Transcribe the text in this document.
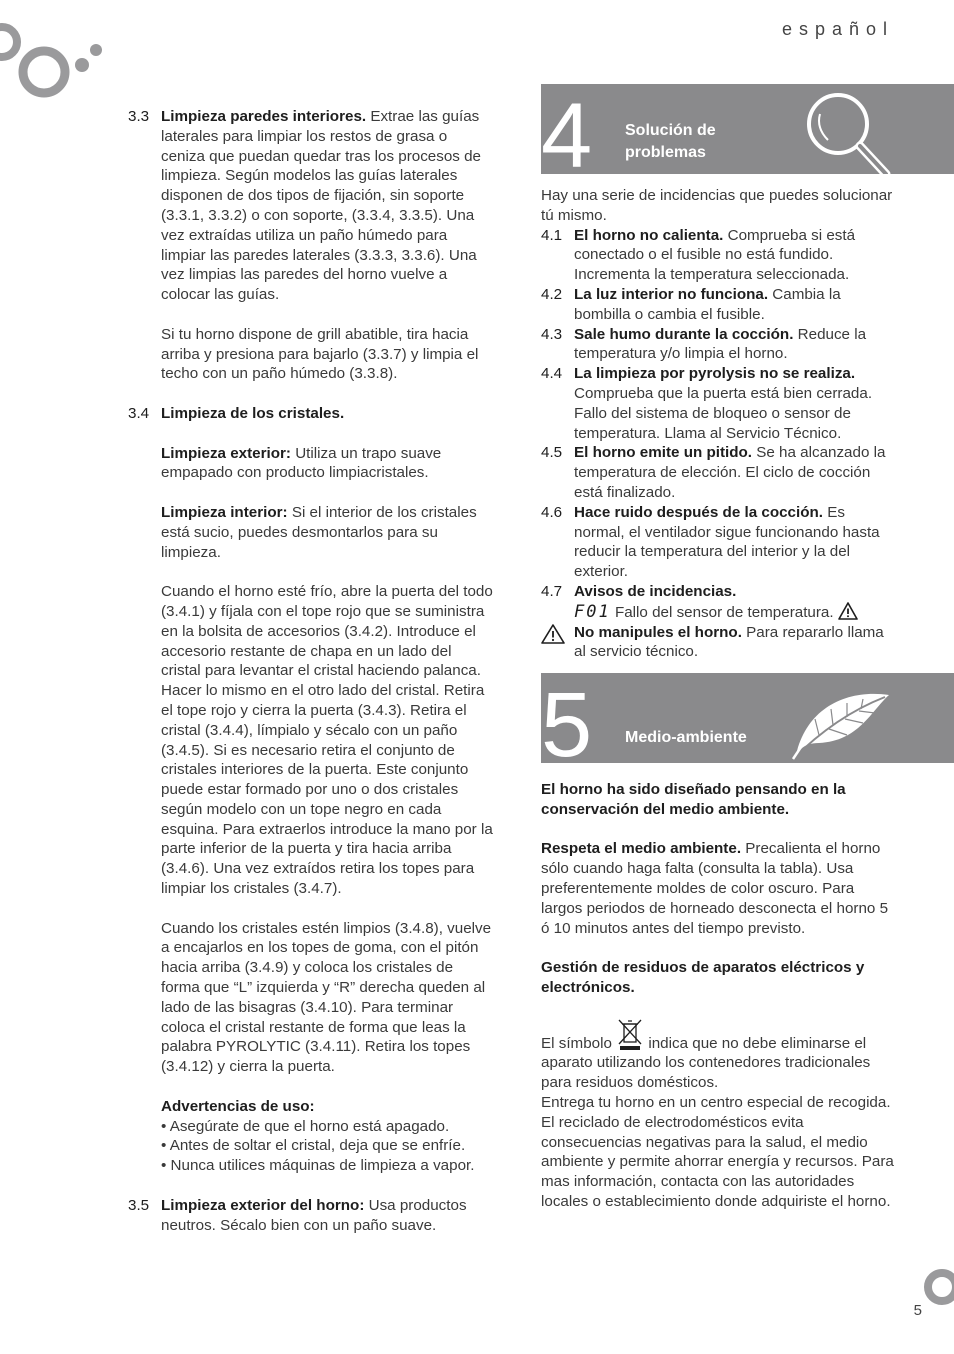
español
3.3 Limpieza paredes interiores. Extrae las guías laterales para limpiar los restos de grasa o ceniza que puedan quedar tras los procesos de limpieza. Según modelos las guías laterales disponen de dos tipos de fijación, sin soporte (3.3.1, 3.3.2) o con soporte, (3.3.4, 3.3.5). Una vez extraídas utiliza un paño húmedo para limpiar las paredes laterales (3.3.3, 3.3.6). Una vez limpias las paredes del horno vuelve a colocar las guías.

Si tu horno dispone de grill abatible, tira hacia arriba y presiona para bajarlo (3.3.7) y limpia el techo con un paño húmedo (3.3.8).

3.4 Limpieza de los cristales.

Limpieza exterior: Utiliza un trapo suave empapado con producto limpiacristales.

Limpieza interior: Si el interior de los cristales está sucio, puedes desmontarlos para su limpieza.

Cuando el horno esté frío, abre la puerta del todo (3.4.1) y fíjala con el tope rojo que se suministra en la bolsita de accesorios (3.4.2). Introduce el accesorio restante de chapa en un lado del cristal para levantar el cristal haciendo palanca. Hacer lo mismo en el otro lado del cristal. Retira el tope rojo y cierra la puerta (3.4.3). Retira el cristal (3.4.4), límpialo y sécalo con un paño (3.4.5). Si es necesario retira el conjunto de cristales interiores de la puerta. Este conjunto puede estar formado por uno o dos cristales según modelo con un tope negro en cada esquina. Para extraerlos introduce la mano por la parte inferior de la puerta y tira hacia arriba (3.4.6). Una vez extraídos retira los topes para limpiar los cristales (3.4.7).

Cuando los cristales estén limpios (3.4.8), vuelve a encajarlos en los topes de goma, con el pitón hacia arriba (3.4.9) y coloca los cristales de forma que “L” izquierda y “R” derecha queden al lado de las bisagras (3.4.10). Para terminar coloca el cristal restante de forma que leas la palabra PYROLYTIC (3.4.11). Retira los topes (3.4.12) y cierra la puerta.

Advertencias de uso:

• Asegúrate de que el horno está apagado.

• Antes de soltar el cristal, deja que se enfríe.

• Nunca utilices máquinas de limpieza a vapor.

3.5 Limpieza exterior del horno: Usa productos neutros. Sécalo bien con un paño suave.

4 Solución de
problemas

Hay una serie de incidencias que puedes solucionar tú mismo.

4.1 El horno no calienta. Comprueba si está conectado o el fusible no está fundido. Incrementa la temperatura seleccionada.

4.2 La luz interior no funciona. Cambia la bombilla o cambia el fusible.

4.3 Sale humo durante la cocción. Reduce la temperatura y/o limpia el horno.

4.4 La limpieza por pyrolysis no se realiza. Comprueba que la puerta está bien cerrada. Fallo del sistema de bloqueo o sensor de temperatura. Llama al Servicio Técnico.

4.5 El horno emite un pitido. Se ha alcanzado la temperatura de elección. El ciclo de cocción está finalizado.

4.6 Hace ruido después de la cocción. Es normal, el ventilador sigue funcionando hasta reducir la temperatura del interior y la del exterior.

4.7 Avisos de incidencias.

F01 Fallo del sensor de temperatura.

No manipules el horno. Para repararlo llama al servicio técnico.

5 Medio-ambiente

El horno ha sido diseñado pensando en la conservación del medio ambiente.

Respeta el medio ambiente. Precalienta el horno sólo cuando haga falta (consulta la tabla). Usa preferentemente moldes de color oscuro. Para largos periodos de horneado desconecta el horno 5 ó 10 minutos antes del tiempo previsto.

Gestión de residuos de aparatos eléctricos y electrónicos.

El símbolo  indica que no debe eliminarse el aparato utilizando los contenedores tradicionales para residuos domésticos.

Entrega tu horno en un centro especial de recogida.

El reciclado de electrodomésticos evita consecuencias negativas para la salud, el medio ambiente y permite ahorrar energía y recursos. Para mas información, contacta con las autoridades locales o establecimiento donde adquiriste el horno.

5
